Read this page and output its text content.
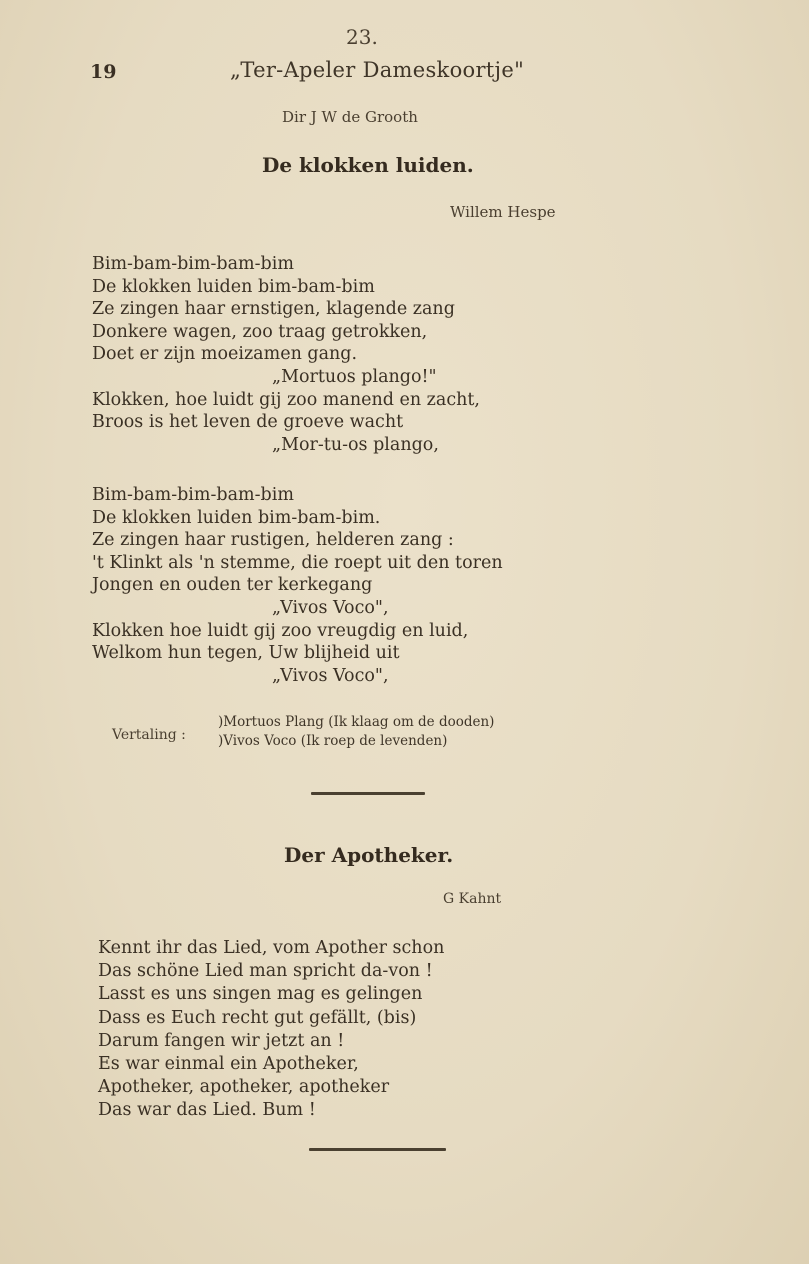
23.
19	„Ter-Apeler Dameskoortje"
Dir J W de Grooth
De klokken luiden.
Willem Hespe
Bim-bam-bim-bam-bim
De klokken luiden bim-bam-bim
Ze zingen haar ernstigen, klagende zang
Donkere wagen, zoo traag getrokken,
Doet er zijn moeizamen gang.
„Mortuos plango!"
Klokken, hoe luidt gij zoo manend en zacht,
Broos is het leven de groeve wacht
„Mor-tu-os plango,
Bim-bam-bim-bam-bim
De klokken luiden bim-bam-bim.
Ze zingen haar rustigen, helderen zang :
't Klinkt als 'n stemme, die roept uit den toren
Jongen en ouden ter kerkegang
„Vivos Voco",
Klokken hoe luidt gij zoo vreugdig en luid,
Welkom hun tegen, Uw blijheid uit
„Vivos Voco",
Vertaling :
)Mortuos Plang (Ik klaag om de dooden)
)Vivos Voco (Ik roep de levenden)
Der Apotheker.
G Kahnt
Kennt ihr das Lied, vom Apother schon
Das schöne Lied man spricht da-von !
Lasst es uns singen mag es gelingen
Dass es Euch recht gut gefällt, (bis)
Darum fangen wir jetzt an !
Es war einmal ein Apotheker,
Apotheker, apotheker, apotheker
Das war das Lied. Bum !
